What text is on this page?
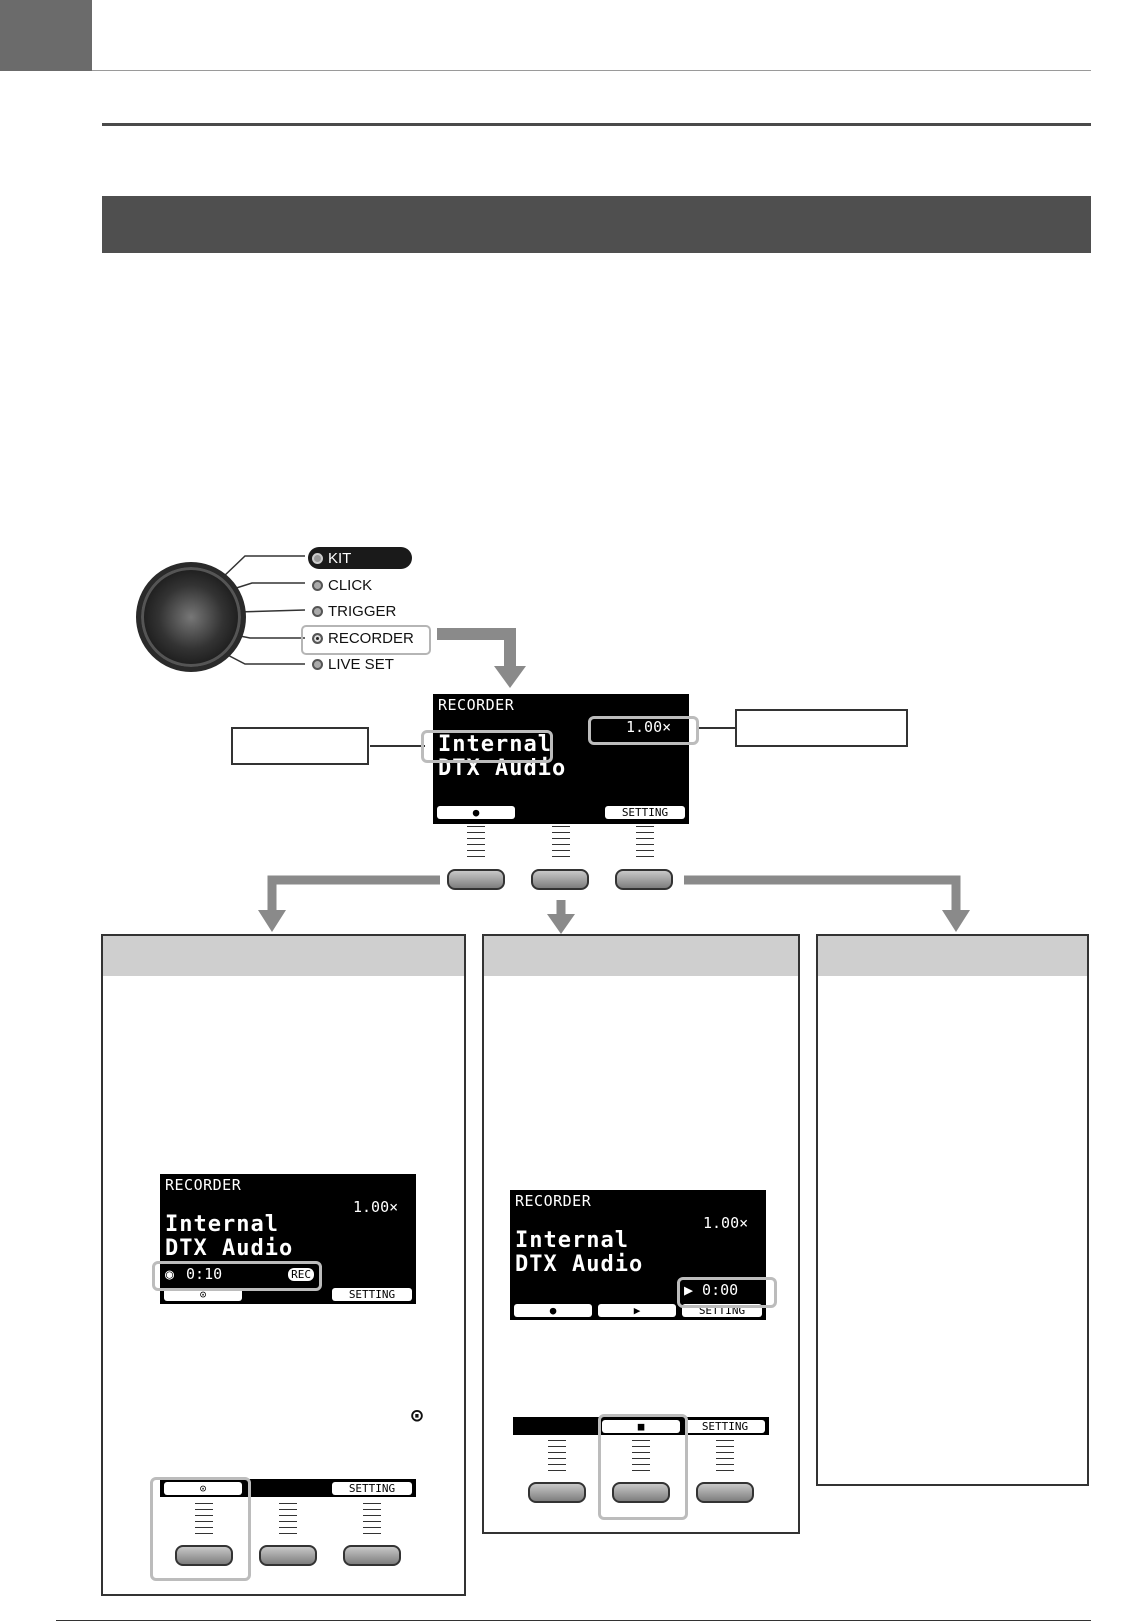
KIT
CLICK
TRIGGER
RECORDER
LIVE SET
RECORDER
1.00×
Internal
DTX Audio
●	SETTING
RECORDER
1.00×
Internal
DTX Audio
◉ 0:10	REC
⊙	SETTING
⊙
⊙	SETTING
RECORDER
1.00×
Internal
DTX Audio
▶ 0:00
●	▶	SETTING
■	SETTING
